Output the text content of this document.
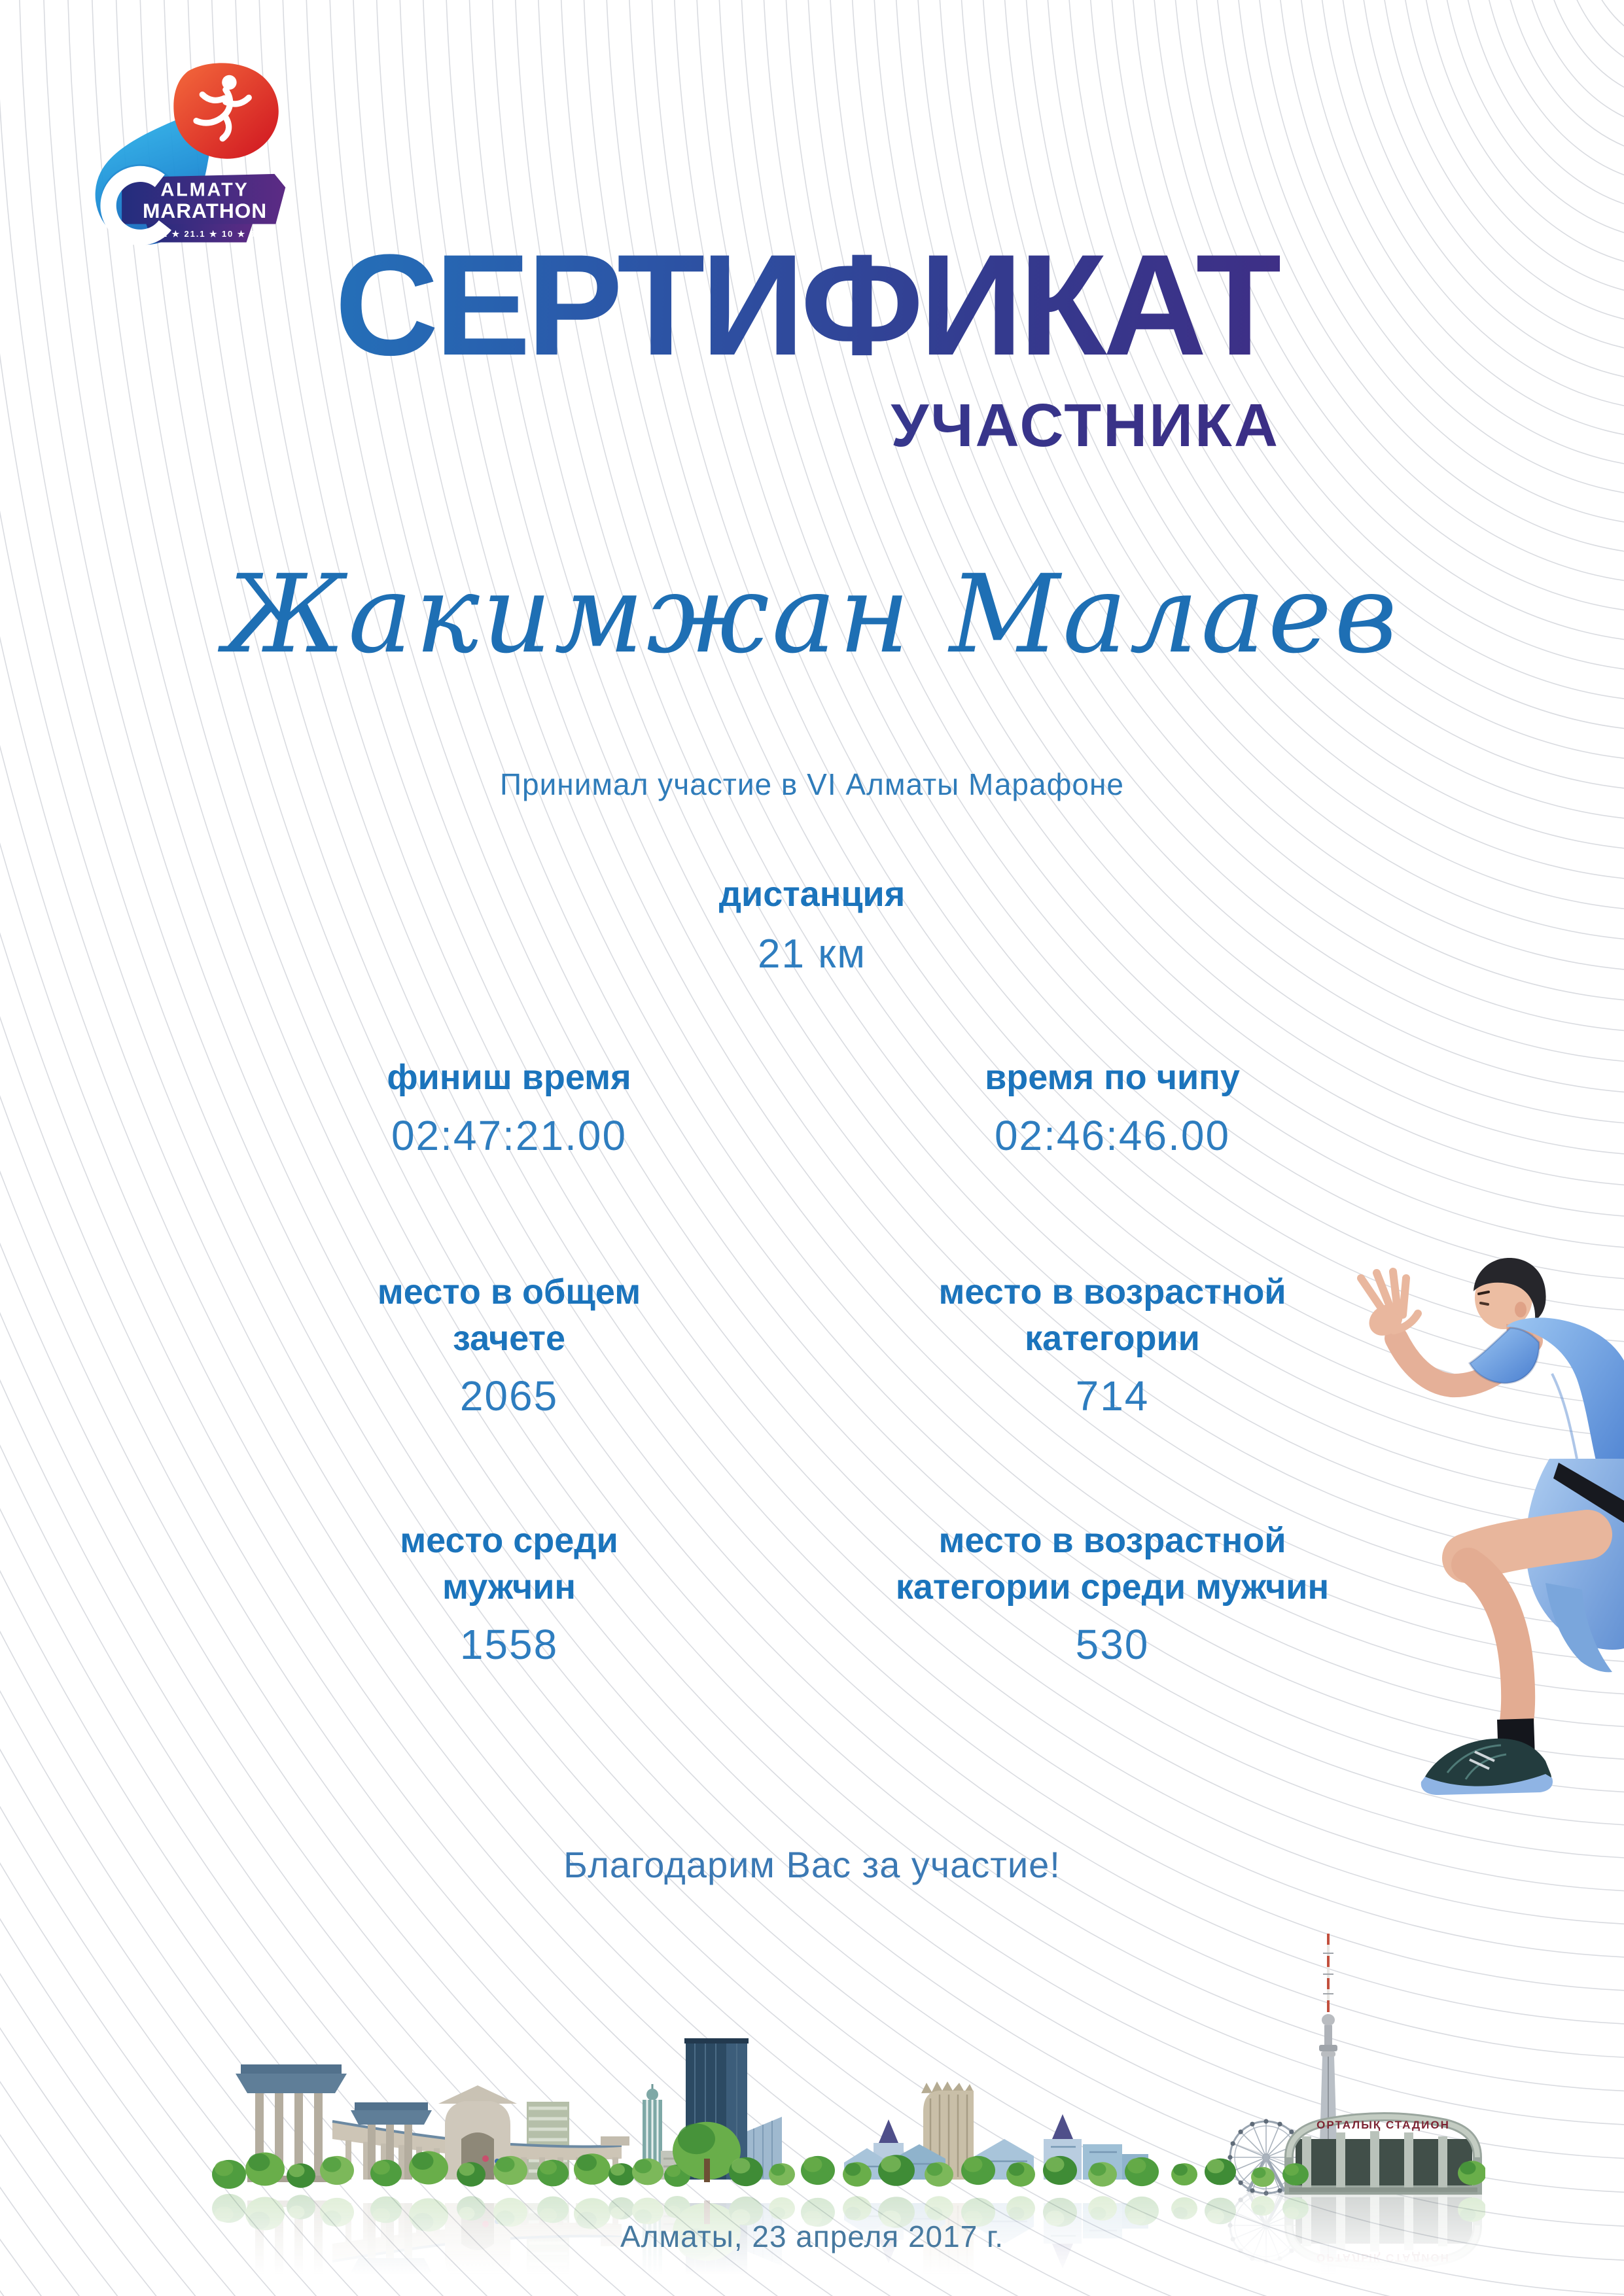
ALMATY
MARATHON
СЕРТИФИКАТ
УЧАСТНИКА
Жакимжан Малаев
Принимал участие в VI Алматы Марафоне
дистанция
21 км
финиш время
02:47:21.00
время по чипу
02:46:46.00
место в общем зачете
2065
место в возрастной категории
714
место среди мужчин
1558
место в возрастной категории среди мужчин
530
Благодарим Вас за участие!
ОРТАЛЫҚ СТАДИОН
Алматы, 23 апреля 2017 г.
